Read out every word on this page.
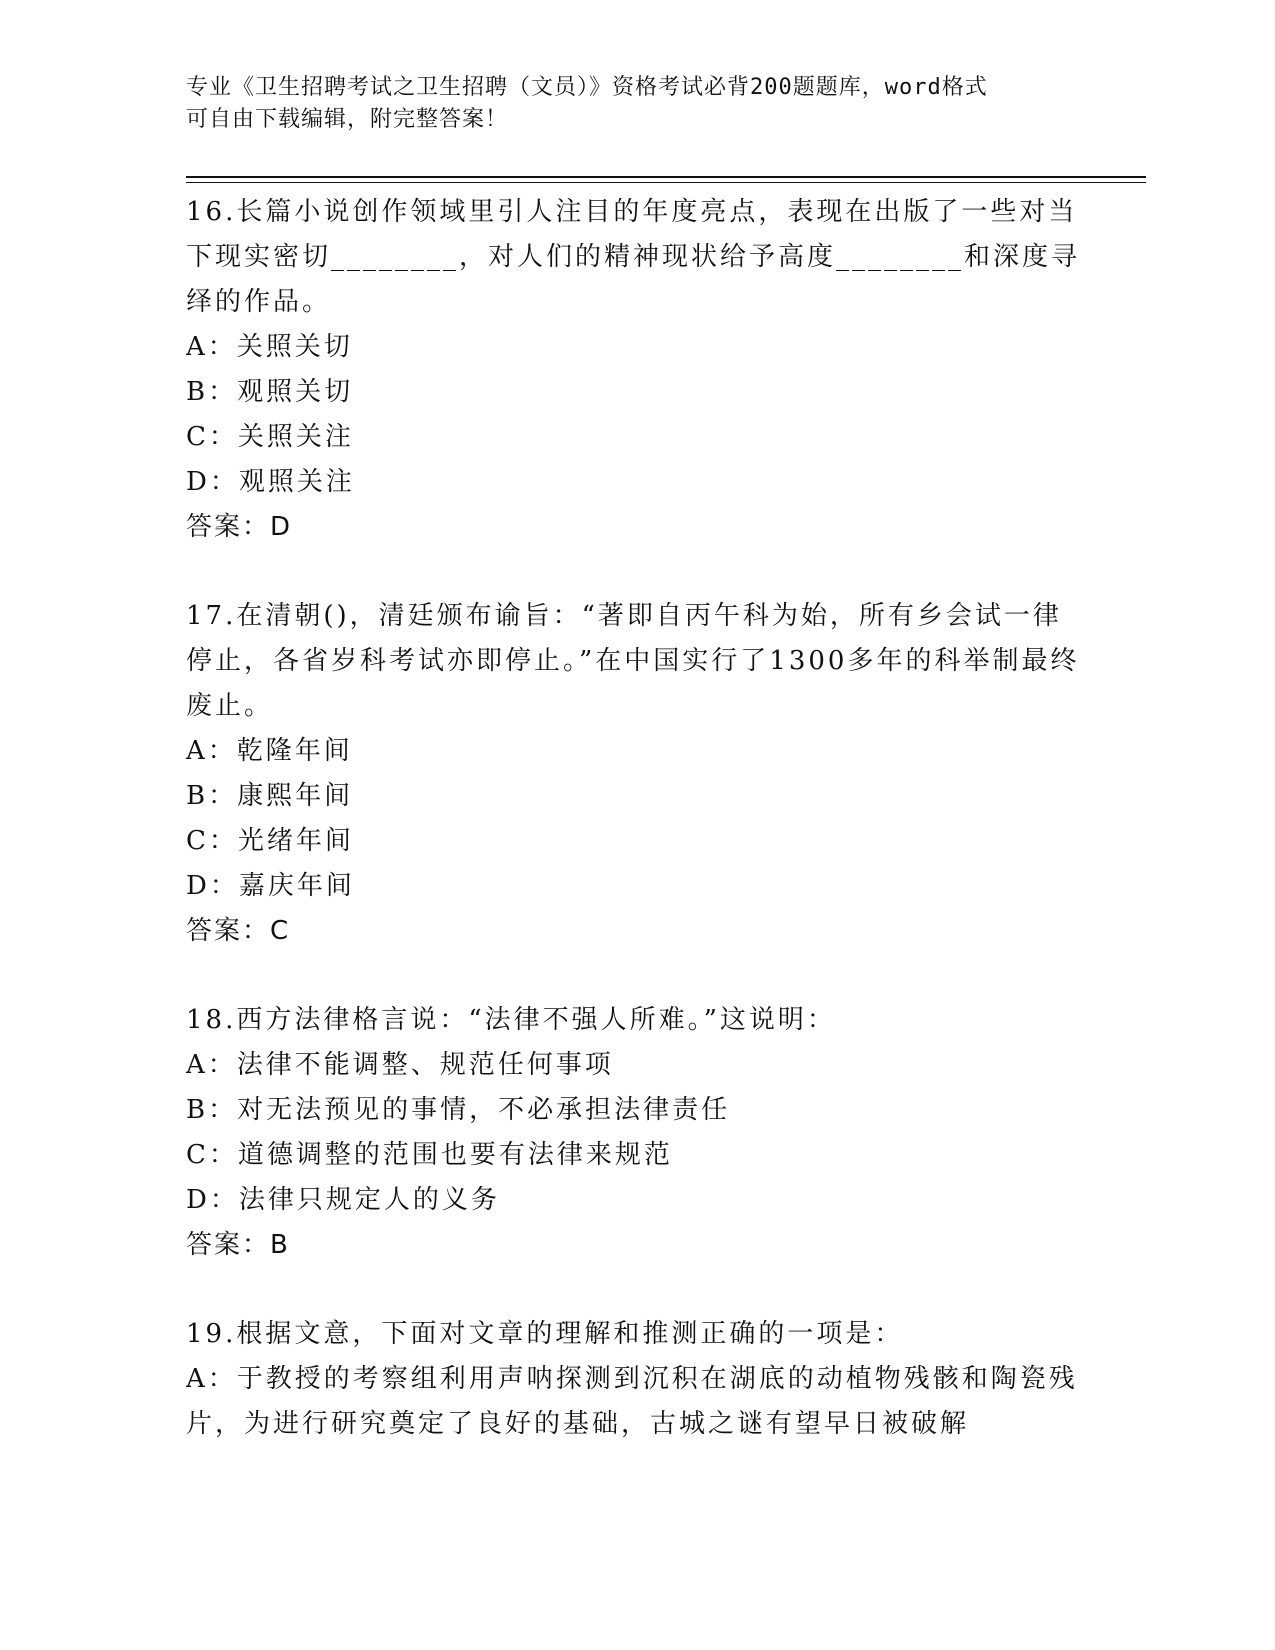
专业《卫生招聘考试之卫生招聘（文员）》资格考试必背200题题库，word格式
可自由下载编辑，附完整答案！

16.长篇小说创作领域里引人注目的年度亮点，表现在出版了一些对当下现实密切________，对人们的精神现状给予高度________和深度寻绎的作品。

A：关照关切

B：观照关切

C：关照关注

D：观照关注

答案：D

17.在清朝()，清廷颁布谕旨：“著即自丙午科为始，所有乡会试一律停止，各省岁科考试亦即停止。”在中国实行了1300多年的科举制最终废止。

A：乾隆年间

B：康熙年间

C：光绪年间

D：嘉庆年间

答案：C

18.西方法律格言说：“法律不强人所难。”这说明：

A：法律不能调整、规范任何事项

B：对无法预见的事情，不必承担法律责任

C：道德调整的范围也要有法律来规范

D：法律只规定人的义务

答案：B

19.根据文意，下面对文章的理解和推测正确的一项是：

A：于教授的考察组利用声呐探测到沉积在湖底的动植物残骸和陶瓷残片，为进行研究奠定了良好的基础，古城之谜有望早日被破解
